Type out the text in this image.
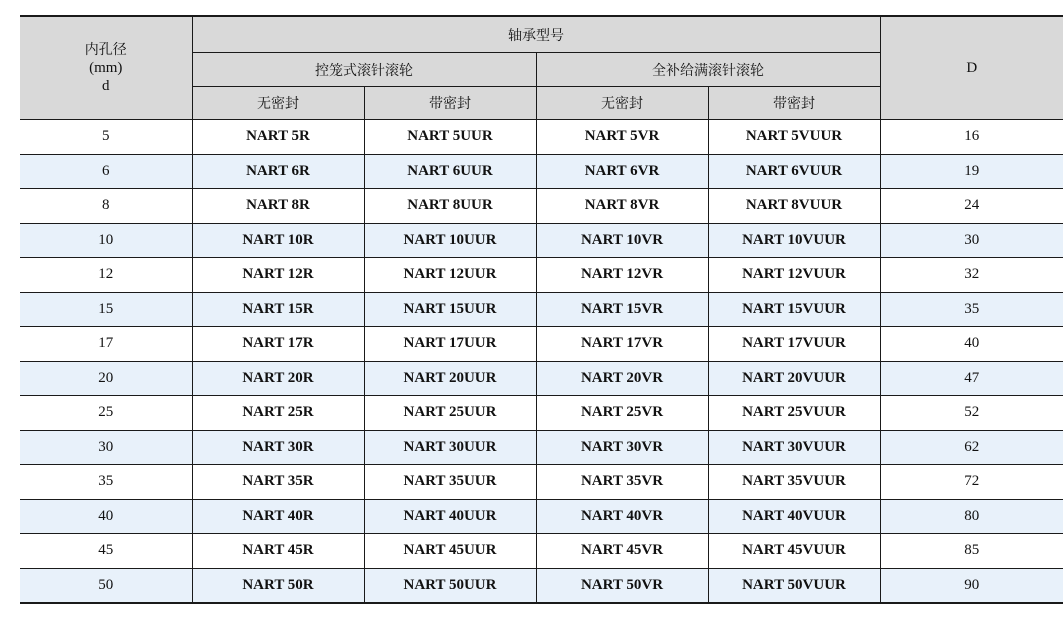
内孔径
(mm)
d	轴承型号				D
	控笼式滚针滚轮		全补给满滚针滚轮		
	无密封	带密封	无密封	带密封	
5	NART 5R	NART 5UUR	NART 5VR	NART 5VUUR	16
6	NART 6R	NART 6UUR	NART 6VR	NART 6VUUR	19
8	NART 8R	NART 8UUR	NART 8VR	NART 8VUUR	24
10	NART 10R	NART 10UUR	NART 10VR	NART 10VUUR	30
12	NART 12R	NART 12UUR	NART 12VR	NART 12VUUR	32
15	NART 15R	NART 15UUR	NART 15VR	NART 15VUUR	35
17	NART 17R	NART 17UUR	NART 17VR	NART 17VUUR	40
20	NART 20R	NART 20UUR	NART 20VR	NART 20VUUR	47
25	NART 25R	NART 25UUR	NART 25VR	NART 25VUUR	52
30	NART 30R	NART 30UUR	NART 30VR	NART 30VUUR	62
35	NART 35R	NART 35UUR	NART 35VR	NART 35VUUR	72
40	NART 40R	NART 40UUR	NART 40VR	NART 40VUUR	80
45	NART 45R	NART 45UUR	NART 45VR	NART 45VUUR	85
50	NART 50R	NART 50UUR	NART 50VR	NART 50VUUR	90
